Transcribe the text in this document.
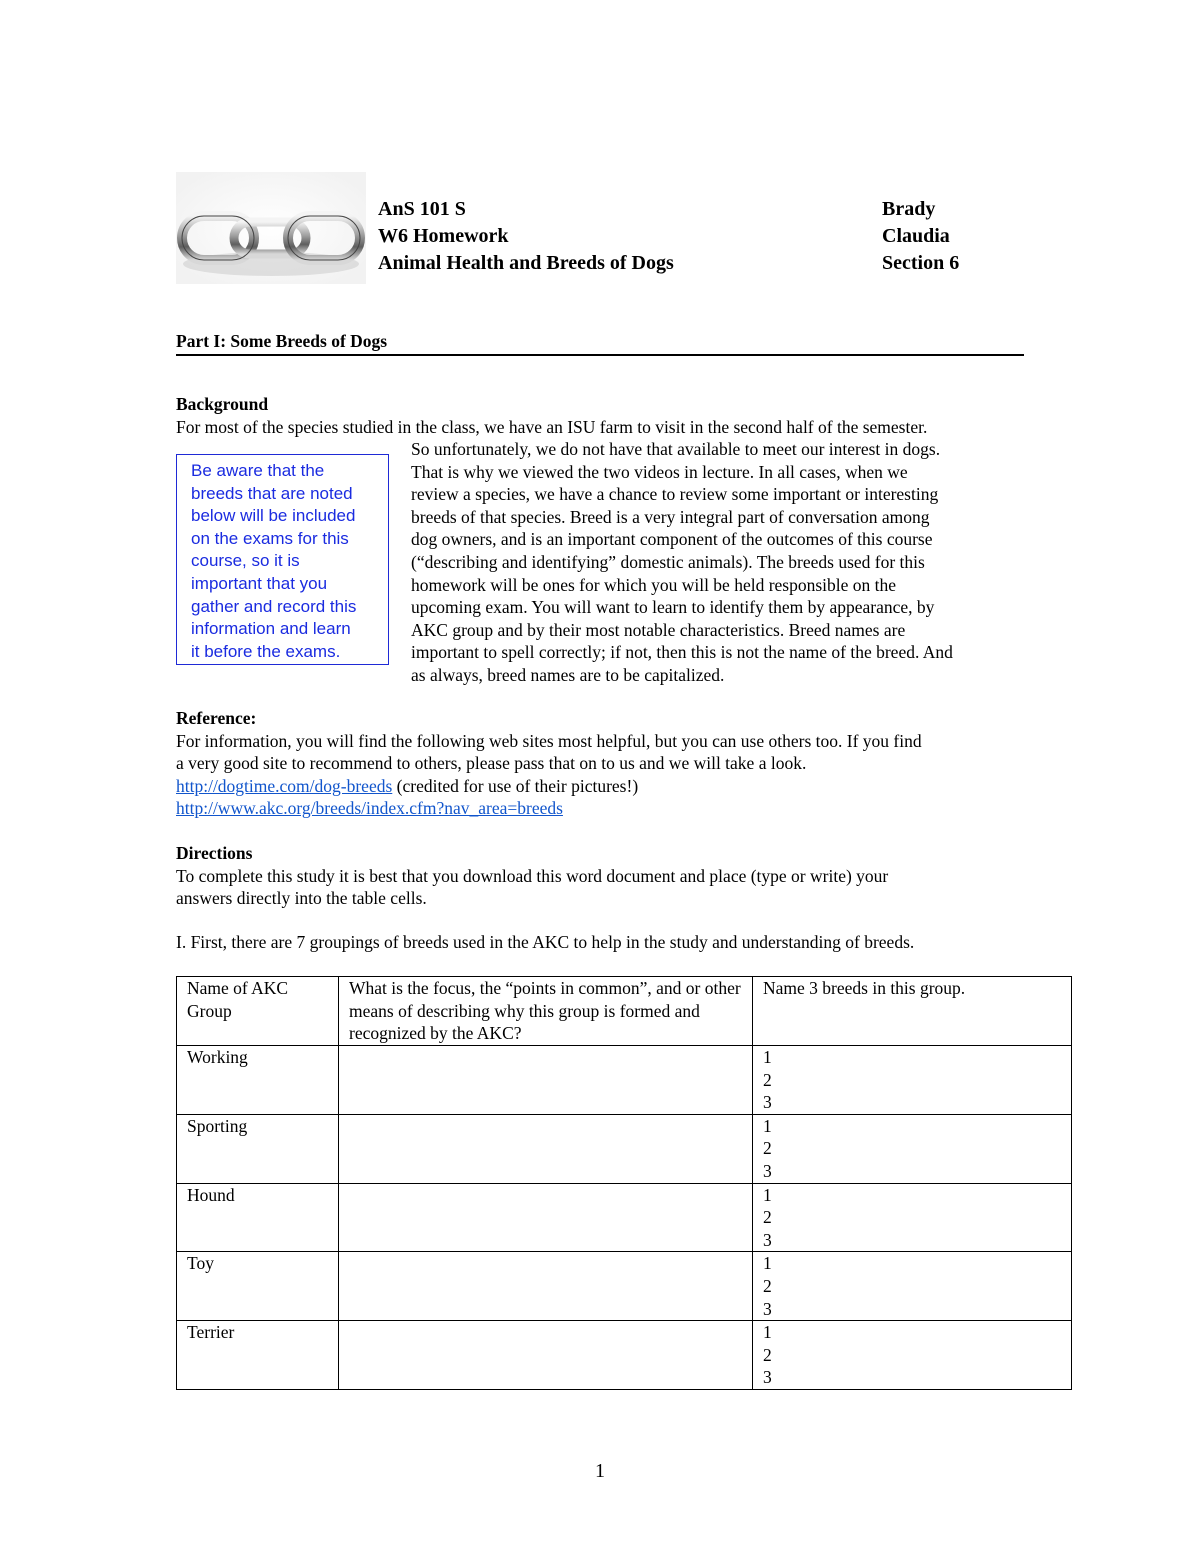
AnS 101 S
W6 Homework
Animal Health and Breeds of Dogs
Brady
Claudia
Section 6
Part I: Some Breeds of Dogs
Background
For most of the species studied in the class, we have an ISU farm to visit in the second half of the semester.
Be aware that the
breeds that are noted
below will be included
on the exams for this
course, so it is
important that you
gather and record this
information and learn
it before the exams.
So unfortunately, we do not have that available to meet our interest in dogs.
That is why we viewed the two videos in lecture. In all cases, when we
review a species, we have a chance to review some important or interesting
breeds of that species. Breed is a very integral part of conversation among
dog owners, and is an important component of the outcomes of this course
(“describing and identifying” domestic animals). The breeds used for this
homework will be ones for which you will be held responsible on the
upcoming exam. You will want to learn to identify them by appearance, by
AKC group and by their most notable characteristics. Breed names are
important to spell correctly; if not, then this is not the name of the breed. And
as always, breed names are to be capitalized.
Reference:
For information, you will find the following web sites most helpful, but you can use others too. If you find
a very good site to recommend to others, please pass that on to us and we will take a look.
http://dogtime.com/dog-breeds (credited for use of their pictures!)
http://www.akc.org/breeds/index.cfm?nav_area=breeds
Directions
To complete this study it is best that you download this word document and place (type or write) your
answers directly into the table cells.
I. First, there are 7 groupings of breeds used in the AKC to help in the study and understanding of breeds.
Name of AKC Group	What is the focus, the “points in common”, and or other means of describing why this group is formed and recognized by the AKC?	Name 3 breeds in this group.
Working		1
2
3

Sporting		1
2
3

Hound		1
2
3

Toy		1
2
3

Terrier		1
2
3
1
